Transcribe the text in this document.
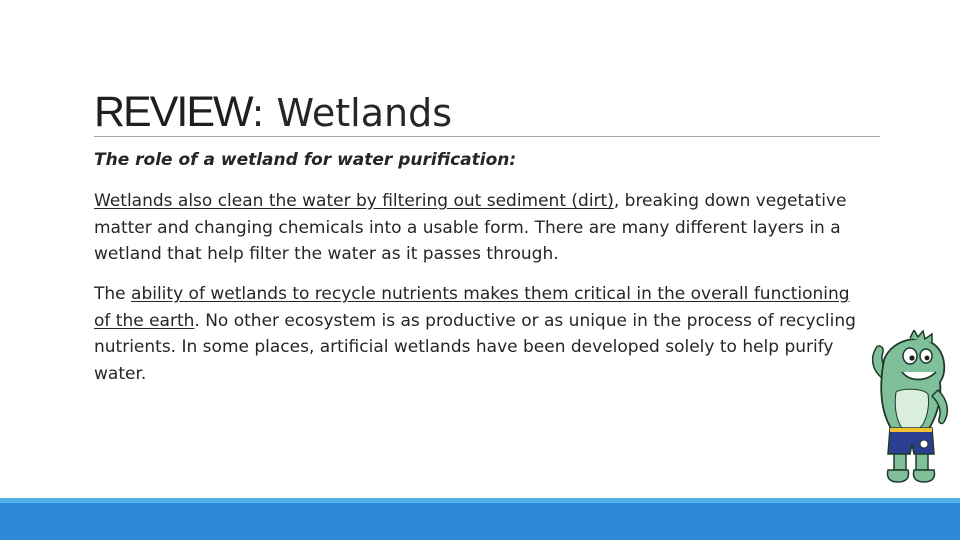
REVIEW: Wetlands

The role of a wetland for water purification:

Wetlands also clean the water by filtering out sediment (dirt), breaking down vegetative matter and changing chemicals into a usable form. There are many different layers in a wetland that help filter the water as it passes through.

The ability of wetlands to recycle nutrients makes them critical in the overall functioning of the earth. No other ecosystem is as productive or as unique in the process of recycling nutrients. In some places, artificial wetlands have been developed solely to help purify water.
